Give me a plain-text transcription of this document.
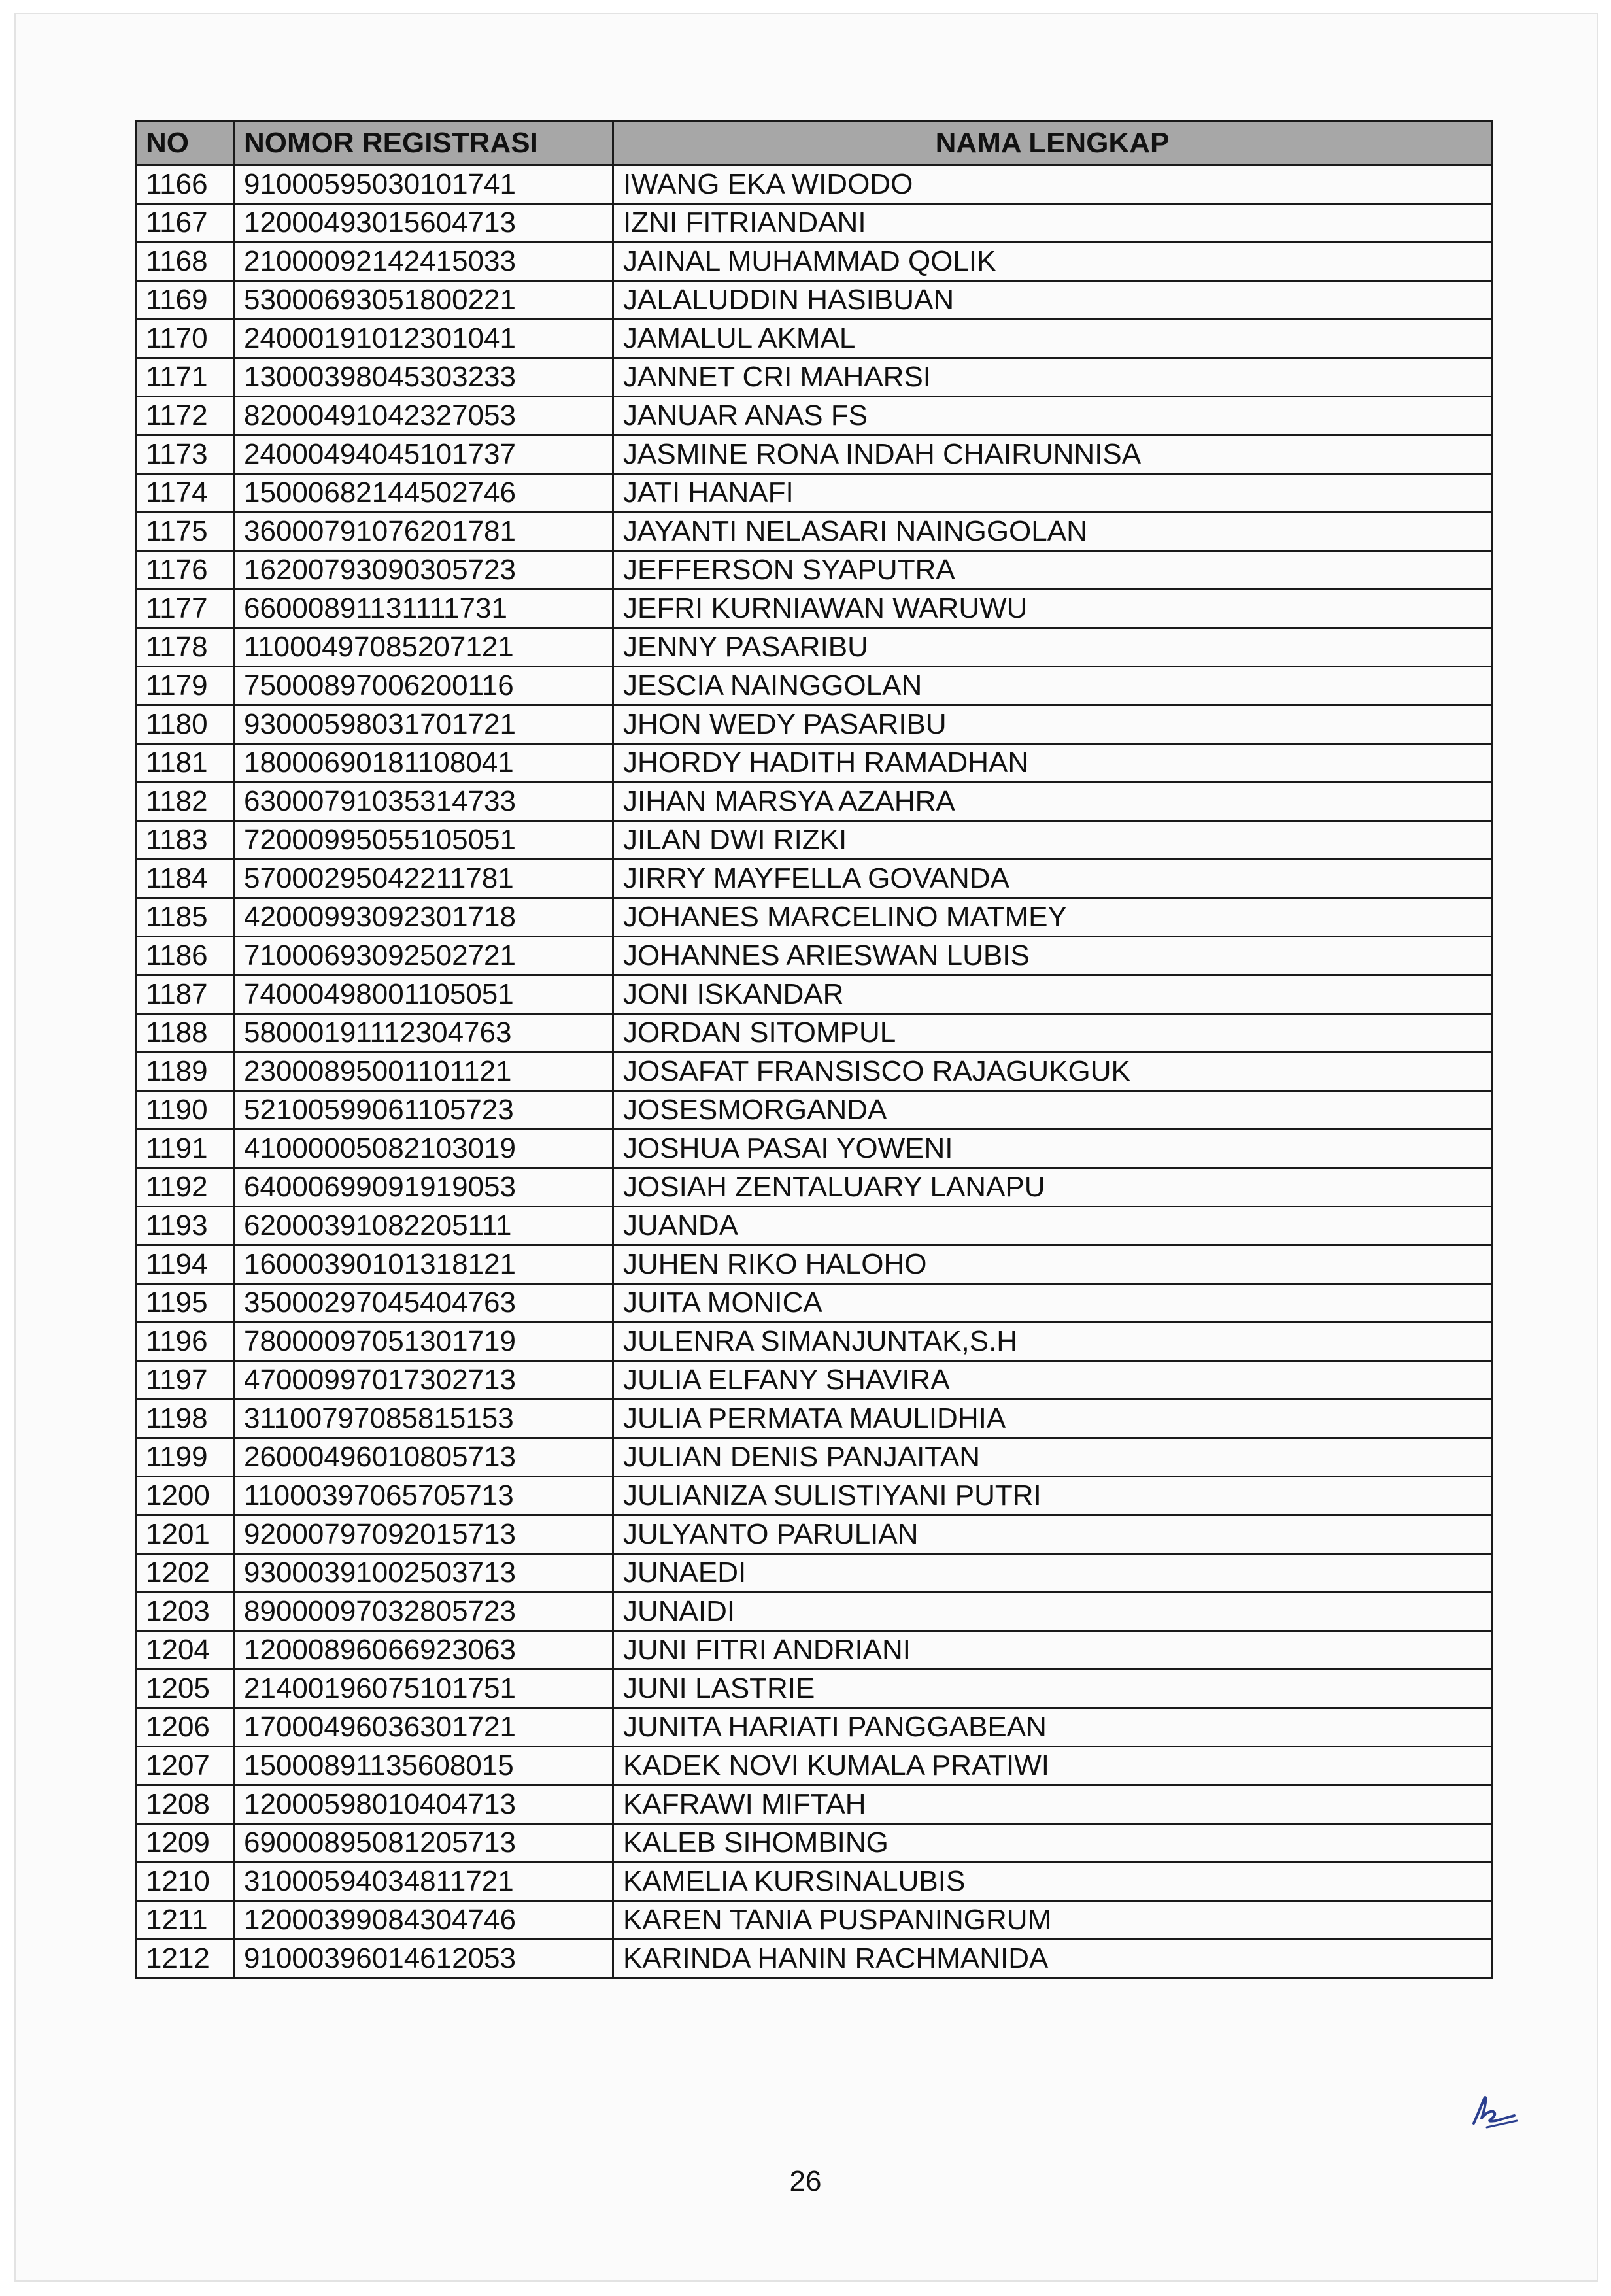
NO	NOMOR REGISTRASI	NAMA LENGKAP
1166	91000595030101741	IWANG EKA WIDODO
1167	12000493015604713	IZNI FITRIANDANI
1168	21000092142415033	JAINAL MUHAMMAD QOLIK
1169	53000693051800221	JALALUDDIN HASIBUAN
1170	24000191012301041	JAMALUL AKMAL
1171	13000398045303233	JANNET CRI MAHARSI
1172	82000491042327053	JANUAR ANAS FS
1173	24000494045101737	JASMINE RONA INDAH CHAIRUNNISA
1174	15000682144502746	JATI HANAFI
1175	36000791076201781	JAYANTI NELASARI NAINGGOLAN
1176	16200793090305723	JEFFERSON SYAPUTRA
1177	66000891131111731	JEFRI KURNIAWAN WARUWU
1178	11000497085207121	JENNY PASARIBU
1179	75000897006200116	JESCIA NAINGGOLAN
1180	93000598031701721	JHON WEDY PASARIBU
1181	18000690181108041	JHORDY HADITH RAMADHAN
1182	63000791035314733	JIHAN MARSYA AZAHRA
1183	72000995055105051	JILAN DWI RIZKI
1184	57000295042211781	JIRRY MAYFELLA GOVANDA
1185	42000993092301718	JOHANES MARCELINO MATMEY
1186	71000693092502721	JOHANNES ARIESWAN LUBIS
1187	74000498001105051	JONI ISKANDAR
1188	58000191112304763	JORDAN SITOMPUL
1189	23000895001101121	JOSAFAT FRANSISCO RAJAGUKGUK
1190	52100599061105723	JOSESMORGANDA
1191	41000005082103019	JOSHUA PASAI YOWENI
1192	64000699091919053	JOSIAH ZENTALUARY LANAPU
1193	62000391082205111	JUANDA
1194	16000390101318121	JUHEN RIKO HALOHO
1195	35000297045404763	JUITA MONICA
1196	78000097051301719	JULENRA SIMANJUNTAK,S.H
1197	47000997017302713	JULIA ELFANY SHAVIRA
1198	31100797085815153	JULIA PERMATA MAULIDHIA
1199	26000496010805713	JULIAN DENIS PANJAITAN
1200	11000397065705713	JULIANIZA SULISTIYANI PUTRI
1201	92000797092015713	JULYANTO PARULIAN
1202	93000391002503713	JUNAEDI
1203	89000097032805723	JUNAIDI
1204	12000896066923063	JUNI FITRI ANDRIANI
1205	21400196075101751	JUNI LASTRIE
1206	17000496036301721	JUNITA HARIATI PANGGABEAN
1207	15000891135608015	KADEK NOVI KUMALA PRATIWI
1208	12000598010404713	KAFRAWI MIFTAH
1209	69000895081205713	KALEB SIHOMBING
1210	31000594034811721	KAMELIA KURSINALUBIS
1211	12000399084304746	KAREN TANIA PUSPANINGRUM
1212	91000396014612053	KARINDA HANIN RACHMANIDA
26
